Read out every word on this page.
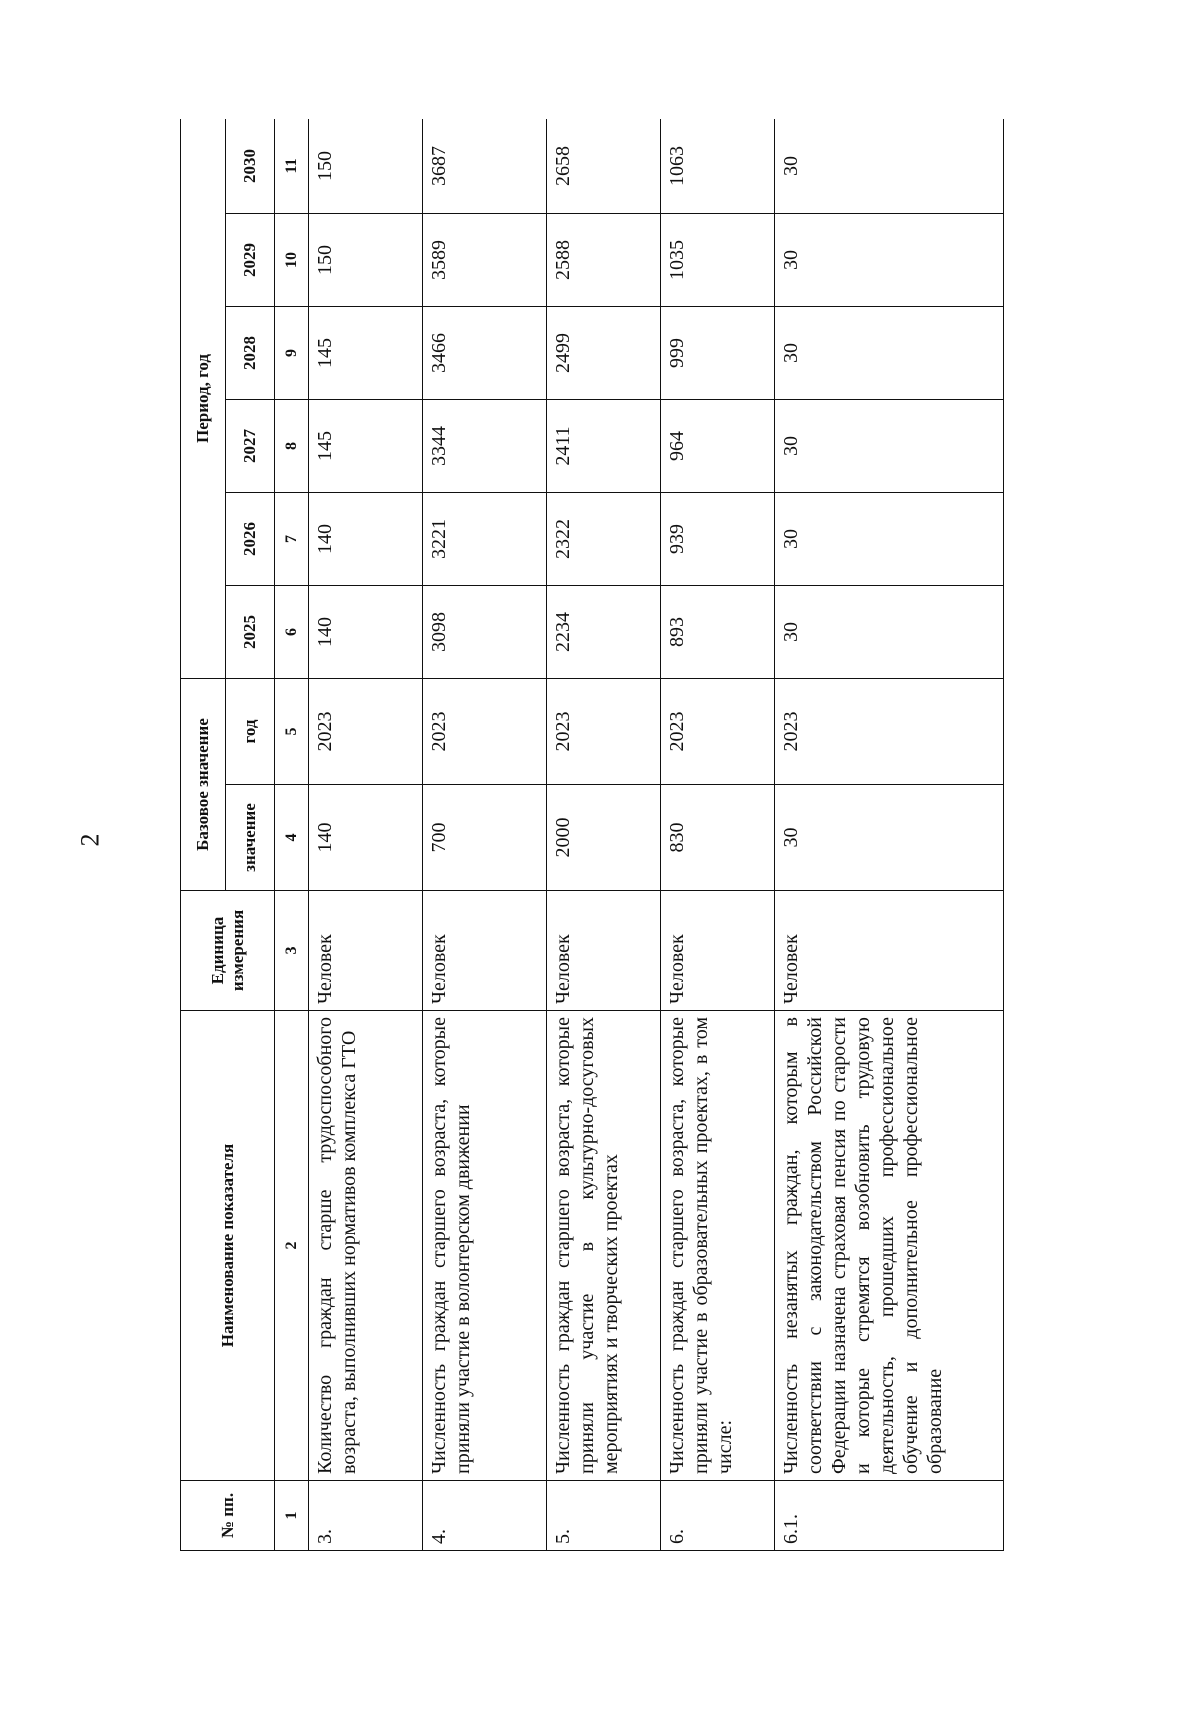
2
№ пп.	Наименование показателя	Единица измерения	Базовое значение		Период, год					
			значение	год	2025	2026	2027	2028	2029	2030
1	2	3	4	5	6	7	8	9	10	11
3.	Количество граждан старше трудоспособного возраста, выполнивших нормативов комплекса ГТО	Человек	140	2023	140	140	145	145	150	150
4.	Численность граждан старшего возраста, которые приняли участие в волонтерском движении	Человек	700	2023	3098	3221	3344	3466	3589	3687
5.	Численность граждан старшего возраста, которые приняли участие в культурно-досуговых мероприятиях и творческих проектах	Человек	2000	2023	2234	2322	2411	2499	2588	2658
6.	Численность граждан старшего возраста, которые приняли участие в образовательных проектах, в том числе:	Человек	830	2023	893	939	964	999	1035	1063
6.1.	Численность незанятых граждан, которым в соответствии с законодательством Российской Федерации назначена страховая пенсия по старости и которые стремятся возобновить трудовую деятельность, прошедших профессиональное обучение и дополнительное профессиональное образование	Человек	30	2023	30	30	30	30	30	30
